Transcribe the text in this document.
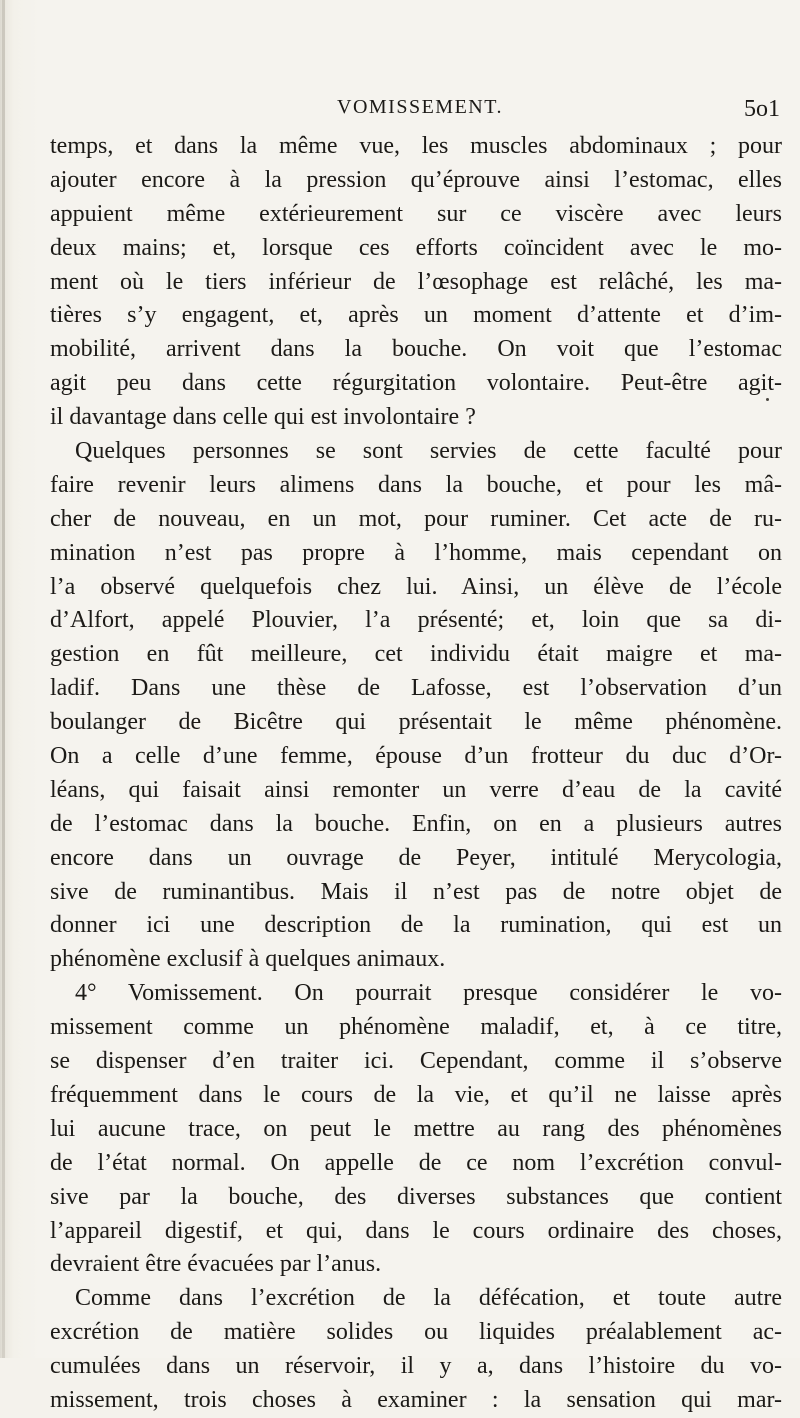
VOMISSEMENT.	5o1
temps, et dans la même vue, les muscles abdominaux ; pour
ajouter encore à la pression qu’éprouve ainsi l’estomac, elles
appuient même extérieurement sur ce viscère avec leurs
deux mains; et, lorsque ces efforts coïncident avec le mo-
ment où le tiers inférieur de l’œsophage est relâché, les ma-
tières s’y engagent, et, après un moment d’attente et d’im-
mobilité, arrivent dans la bouche. On voit que l’estomac
agit peu dans cette régurgitation volontaire. Peut-être agit-
il davantage dans celle qui est involontaire ?
Quelques personnes se sont servies de cette faculté pour
faire revenir leurs alimens dans la bouche, et pour les mâ-
cher de nouveau, en un mot, pour ruminer. Cet acte de ru-
mination n’est pas propre à l’homme, mais cependant on
l’a observé quelquefois chez lui. Ainsi, un élève de l’école
d’Alfort, appelé Plouvier, l’a présenté; et, loin que sa di-
gestion en fût meilleure, cet individu était maigre et ma-
ladif. Dans une thèse de Lafosse, est l’observation d’un
boulanger de Bicêtre qui présentait le même phénomène.
On a celle d’une femme, épouse d’un frotteur du duc d’Or-
léans, qui faisait ainsi remonter un verre d’eau de la cavité
de l’estomac dans la bouche. Enfin, on en a plusieurs autres
encore dans un ouvrage de Peyer, intitulé Merycologia,
sive de ruminantibus. Mais il n’est pas de notre objet de
donner ici une description de la rumination, qui est un
phénomène exclusif à quelques animaux.
4° Vomissement. On pourrait presque considérer le vo-
missement comme un phénomène maladif, et, à ce titre,
se dispenser d’en traiter ici. Cependant, comme il s’observe
fréquemment dans le cours de la vie, et qu’il ne laisse après
lui aucune trace, on peut le mettre au rang des phénomènes
de l’état normal. On appelle de ce nom l’excrétion convul-
sive par la bouche, des diverses substances que contient
l’appareil digestif, et qui, dans le cours ordinaire des choses,
devraient être évacuées par l’anus.
Comme dans l’excrétion de la défécation, et toute autre
excrétion de matière solides ou liquides préalablement ac-
cumulées dans un réservoir, il y a, dans l’histoire du vo-
missement, trois choses à examiner : la sensation qui mar-
